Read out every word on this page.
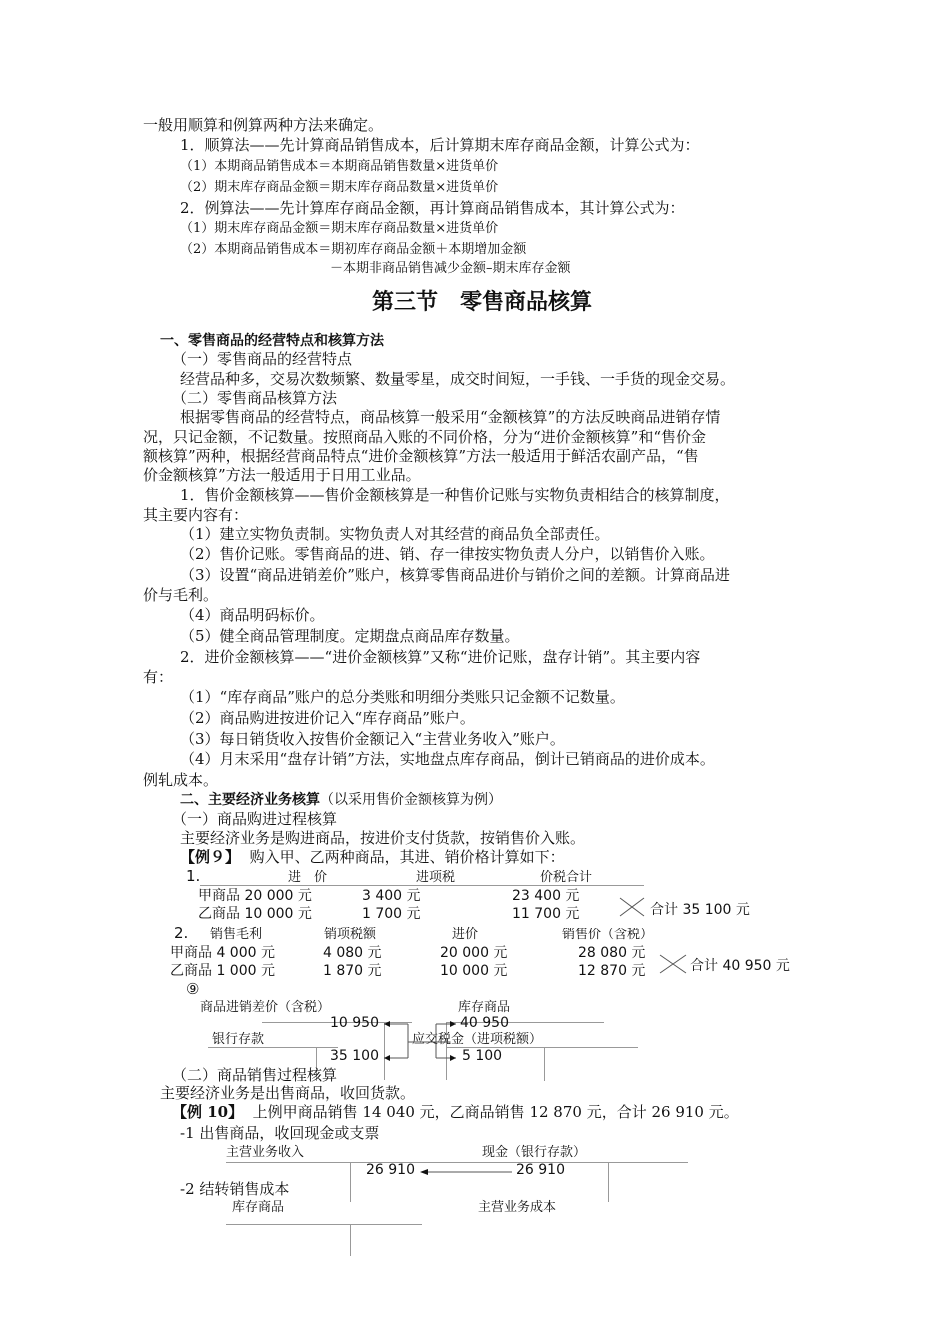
一般用顺算和例算两种方法来确定。
1．顺算法——先计算商品销售成本，后计算期末库存商品金额，计算公式为：
（1）本期商品销售成本＝本期商品销售数量×进货单价
（2）期末库存商品金额＝期末库存商品数量×进货单价
2．例算法——先计算库存商品金额，再计算商品销售成本，其计算公式为：
（1）期末库存商品金额＝期末库存商品数量×进货单价
（2）本期商品销售成本＝期初库存商品金额＋本期增加金额
－本期非商品销售减少金额–期末库存金额
第三节　零售商品核算
一、零售商品的经营特点和核算方法
（一）零售商品的经营特点
经营品种多，交易次数频繁、数量零星，成交时间短，一手钱、一手货的现金交易。
（二）零售商品核算方法
根据零售商品的经营特点，商品核算一般采用“金额核算”的方法反映商品进销存情
况，只记金额，不记数量。按照商品入账的不同价格，分为“进价金额核算”和“售价金
额核算”两种，根据经营商品特点“进价金额核算”方法一般适用于鲜活农副产品，“售
价金额核算”方法一般适用于日用工业品。
1．售价金额核算——售价金额核算是一种售价记账与实物负责相结合的核算制度，
其主要内容有：
（1）建立实物负责制。实物负责人对其经营的商品负全部责任。
（2）售价记账。零售商品的进、销、存一律按实物负责人分户，以销售价入账。
（3）设置“商品进销差价”账户，核算零售商品进价与销价之间的差额。计算商品进
价与毛利。
（4）商品明码标价。
（5）健全商品管理制度。定期盘点商品库存数量。
2．进价金额核算——“进价金额核算”又称“进价记账，盘存计销”。其主要内容
有：
（1）“库存商品”账户的总分类账和明细分类账只记金额不记数量。
（2）商品购进按进价记入“库存商品”账户。
（3）每日销货收入按售价金额记入“主营业务收入”账户。
（4）月末采用“盘存计销”方法，实地盘点库存商品，倒计已销商品的进价成本。
例轧成本。
二、主要经济业务核算（以采用售价金额核算为例）
（一）商品购进过程核算
主要经济业务是购进商品，按进价支付货款，按销售价入账。
【例９】 购入甲、乙两种商品，其进、销价格计算如下：
1.	进　价	进项税	价税合计
甲商品 20 000 元	3 400 元	23 400 元
乙商品 10 000 元	1 700 元	11 700 元	合计 35 100 元
2. 销售毛利	销项税额	进价	销售价（含税）
甲商品 4 000 元	4 080 元	20 000 元	28 080 元
乙商品 1 000 元	1 870 元	10 000 元	12 870 元	合计 40 950 元
⑨
商品进销差价（含税）	库存商品
10 950	40 950
银行存款	应交税金（进项税额）
35 100	5 100
（二）商品销售过程核算
主要经济业务是出售商品，收回货款。
【例 10】 上例甲商品销售 14 040 元，乙商品销售 12 870 元，合计 26 910 元。
-1 出售商品，收回现金或支票
主营业务收入	现金（银行存款）
26 910	26 910
-2 结转销售成本
库存商品	主营业务成本
